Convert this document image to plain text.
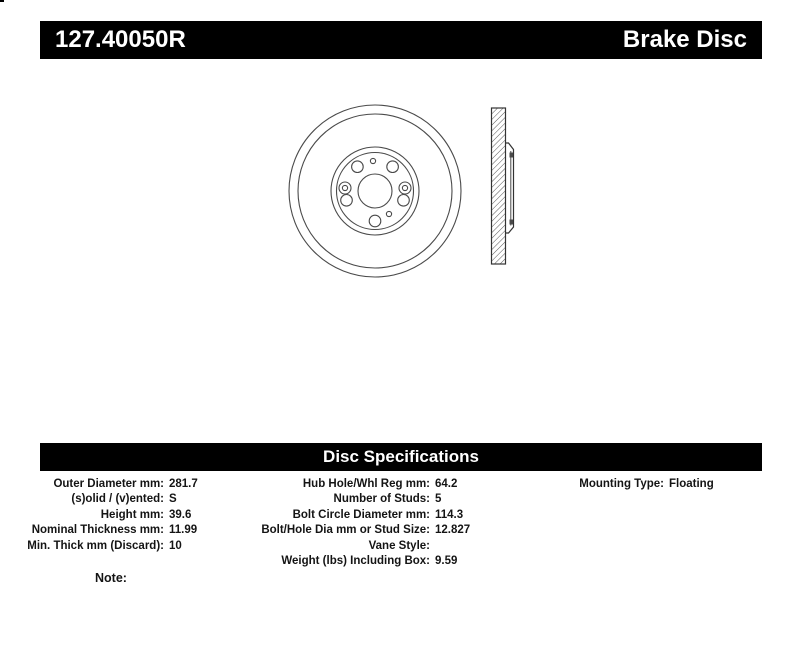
127.40050R	Brake Disc
Disc Specifications
Outer Diameter mm: 281.7
(s)olid / (v)ented: S
Height mm: 39.6
Nominal Thickness mm: 11.99
Min. Thick mm (Discard): 10
Hub Hole/Whl Reg mm: 64.2
Number of Studs: 5
Bolt Circle Diameter mm: 114.3
Bolt/Hole Dia mm or Stud Size: 12.827
Vane Style:
Weight (lbs) Including Box: 9.59
Mounting Type: Floating
Note:
